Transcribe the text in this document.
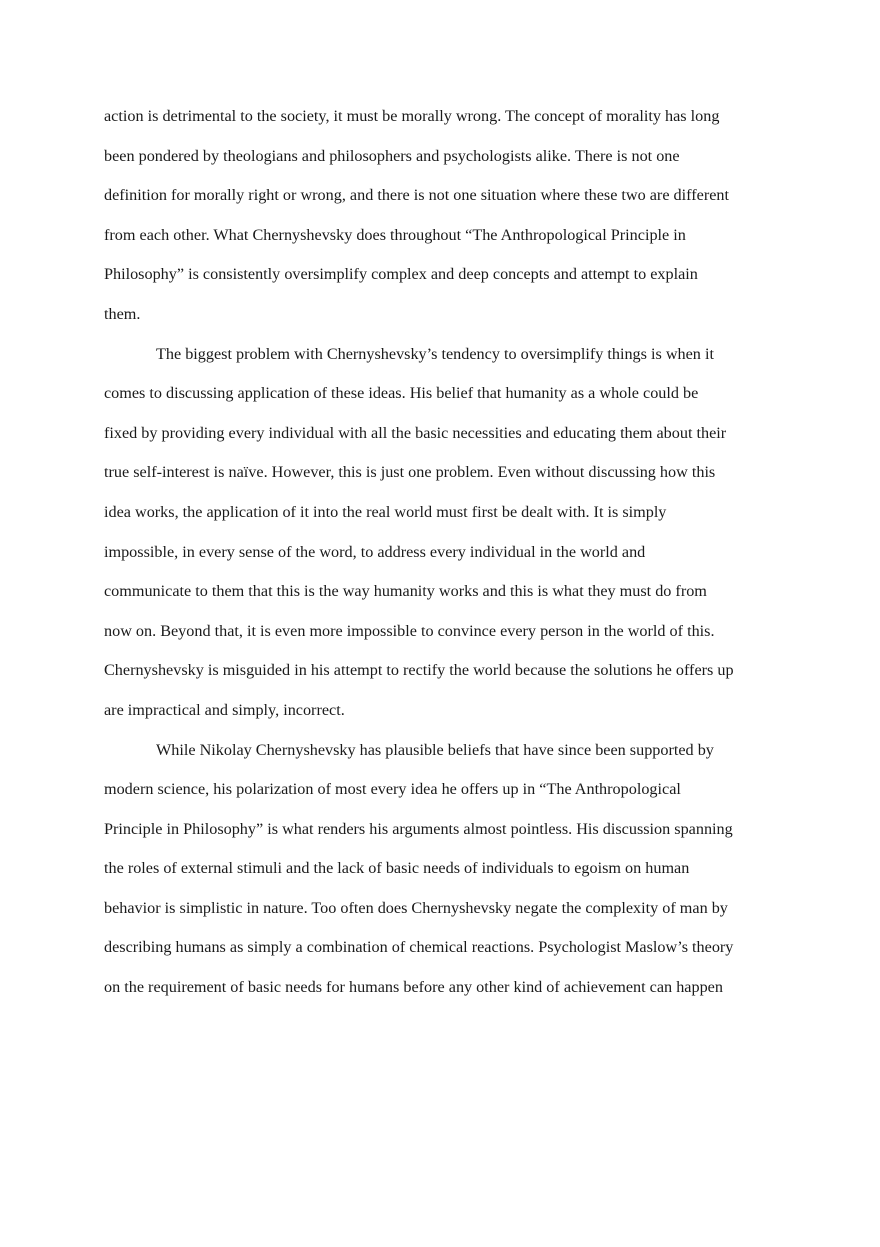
action is detrimental to the society, it must be morally wrong. The concept of morality has long

been pondered by theologians and philosophers and psychologists alike. There is not one

definition for morally right or wrong, and there is not one situation where these two are different

from each other. What Chernyshevsky does throughout “The Anthropological Principle in

Philosophy” is consistently oversimplify complex and deep concepts and attempt to explain

them.

The biggest problem with Chernyshevsky’s tendency to oversimplify things is when it

comes to discussing application of these ideas. His belief that humanity as a whole could be

fixed by providing every individual with all the basic necessities and educating them about their

true self-interest is naïve. However, this is just one problem. Even without discussing how this

idea works, the application of it into the real world must first be dealt with. It is simply

impossible, in every sense of the word, to address every individual in the world and

communicate to them that this is the way humanity works and this is what they must do from

now on. Beyond that, it is even more impossible to convince every person in the world of this.

Chernyshevsky is misguided in his attempt to rectify the world because the solutions he offers up

are impractical and simply, incorrect.

While Nikolay Chernyshevsky has plausible beliefs that have since been supported by

modern science, his polarization of most every idea he offers up in “The Anthropological

Principle in Philosophy” is what renders his arguments almost pointless. His discussion spanning

the roles of external stimuli and the lack of basic needs of individuals to egoism on human

behavior is simplistic in nature. Too often does Chernyshevsky negate the complexity of man by

describing humans as simply a combination of chemical reactions. Psychologist Maslow’s theory

on the requirement of basic needs for humans before any other kind of achievement can happen
